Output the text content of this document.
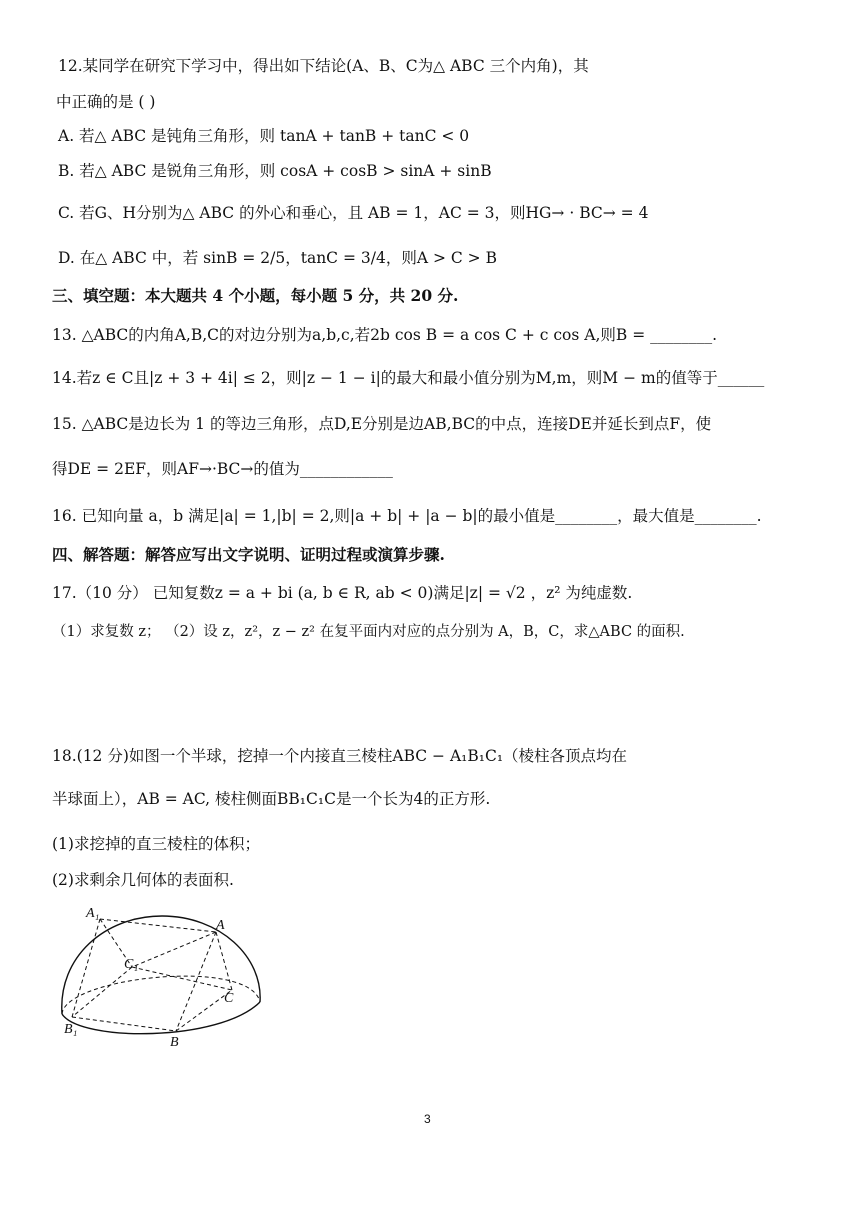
12.某同学在研究下学习中，得出如下结论(A、B、C为△ ABC 三个内角)，其
中正确的是 ( )
A. 若△ ABC 是钝角三角形，则 tanA + tanB + tanC < 0
B. 若△ ABC 是锐角三角形，则 cosA + cosB > sinA + sinB
C. 若G、H分别为△ ABC 的外心和垂心，且 AB = 1，AC = 3，则HG→ · BC→ = 4
D. 在△ ABC 中，若 sinB = 2/5，tanC = 3/4，则A > C > B
三、填空题：本大题共 4 个小题，每小题 5 分，共 20 分.
13. △ABC的内角A,B,C的对边分别为a,b,c,若2b cos B = a cos C + c cos A,则B = ________.
14.若z ∈ C且|z + 3 + 4i| ≤ 2，则|z − 1 − i|的最大和最小值分别为M,m，则M − m的值等于______
15. △ABC是边长为 1 的等边三角形，点D,E分别是边AB,BC的中点，连接DE并延长到点F，使
得DE = 2EF，则AF→·BC→的值为____________
16. 已知向量 a，b 满足|a| = 1,|b| = 2,则|a + b| + |a − b|的最小值是________，最大值是________.
四、解答题：解答应写出文字说明、证明过程或演算步骤.
17.（10 分） 已知复数z = a + bi (a, b ∈ R, ab < 0)满足|z| = √2 ，z² 为纯虚数.
（1）求复数 z； （2）设 z，z²，z − z² 在复平面内对应的点分别为 A，B，C，求△ABC 的面积.
18.(12 分)如图一个半球，挖掉一个内接直三棱柱ABC − A₁B₁C₁（棱柱各顶点均在
半球面上），AB = AC, 棱柱侧面BB₁C₁C是一个长为4的正方形.
(1)求挖掉的直三棱柱的体积；
(2)求剩余几何体的表面积.
A₁
A
C₁
C
B₁
B
3
